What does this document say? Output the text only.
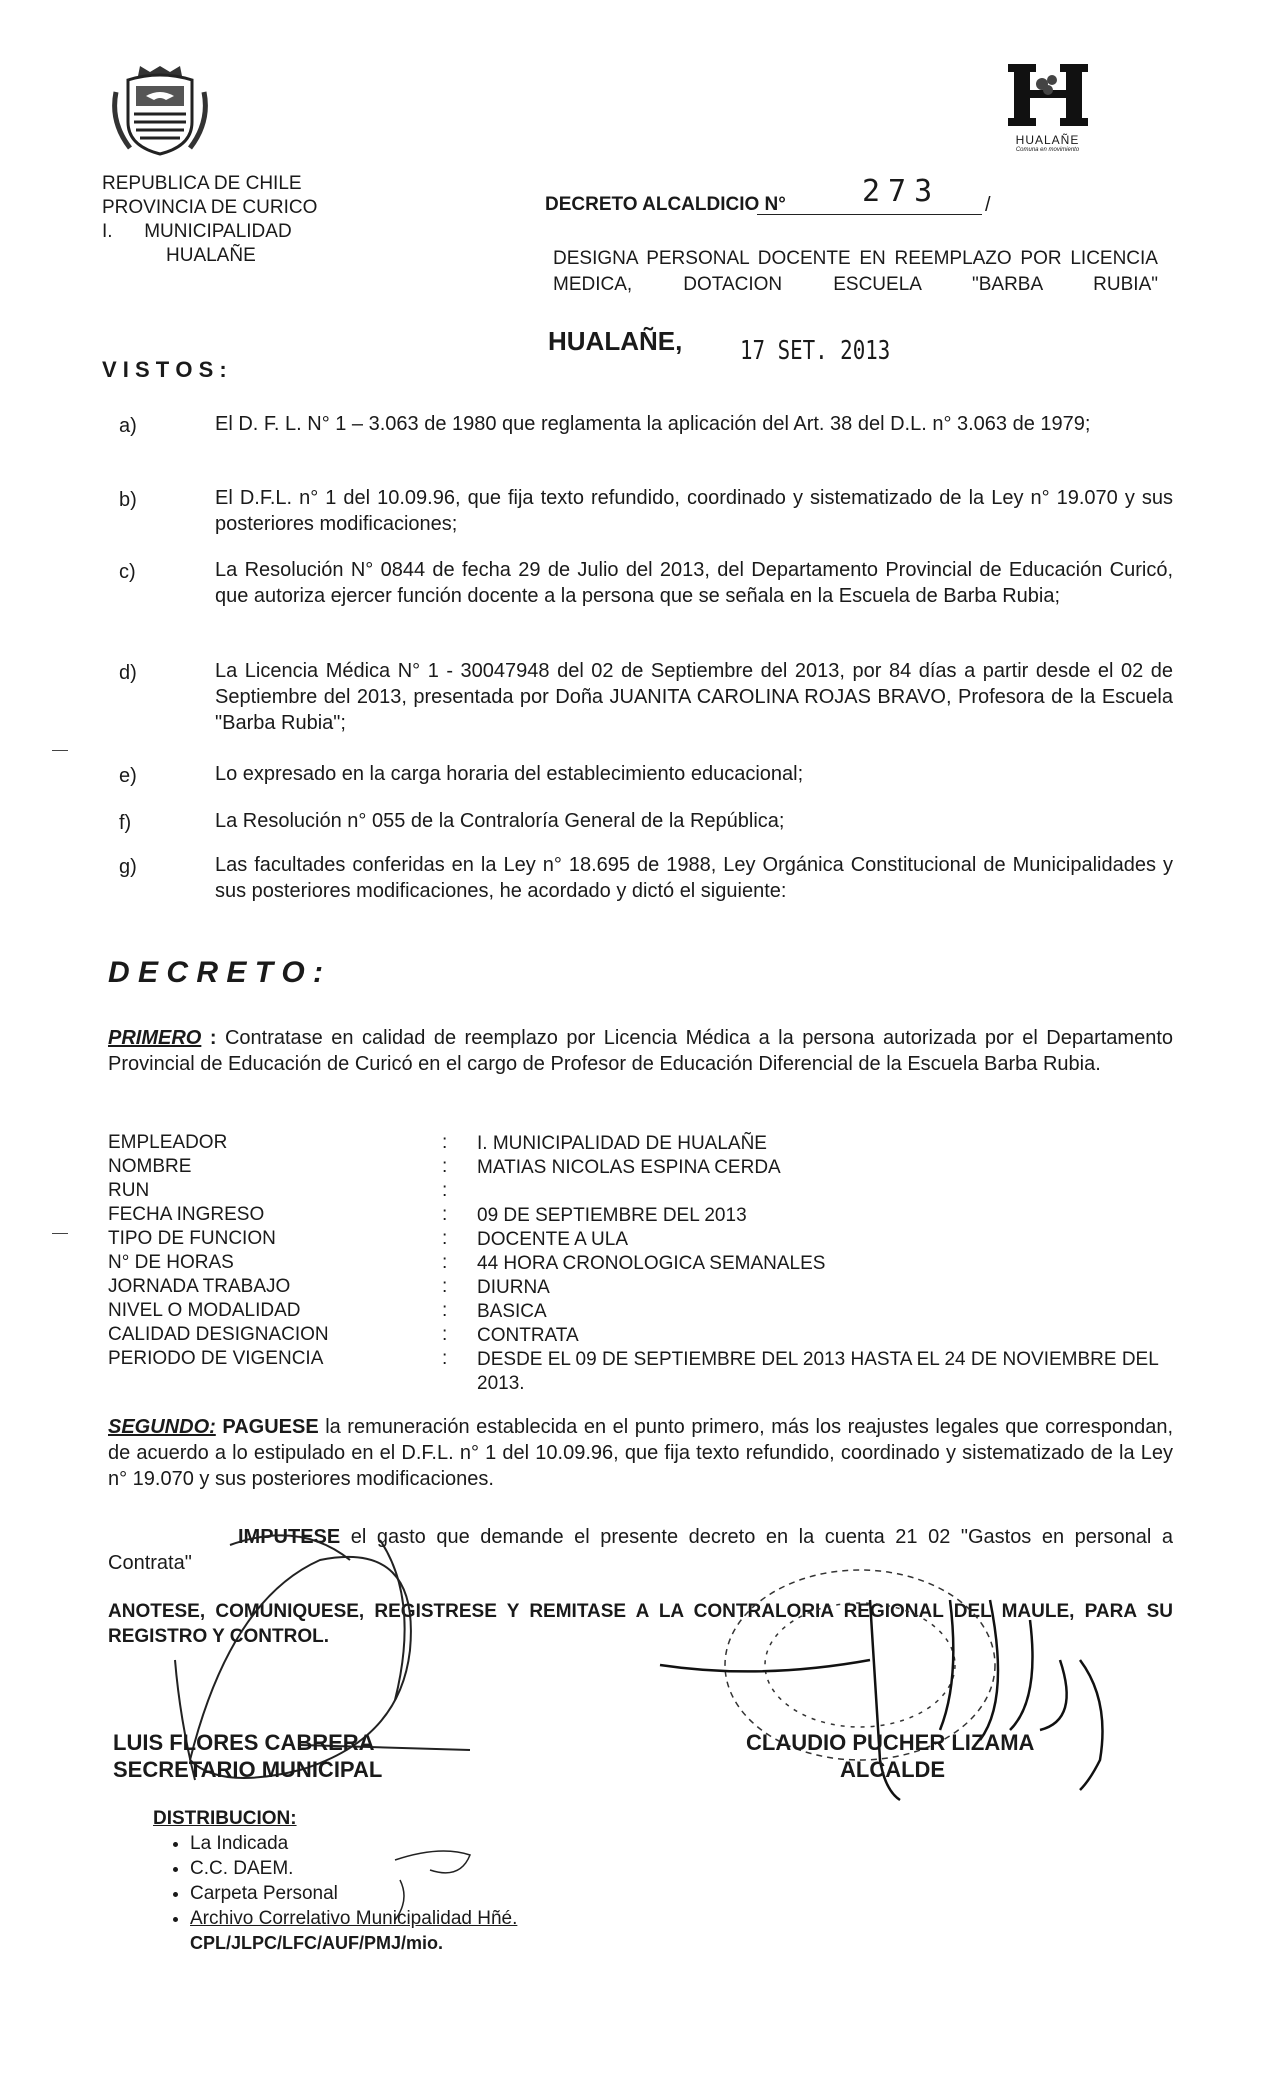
REPUBLICA DE CHILE
PROVINCIA DE CURICO
I.      MUNICIPALIDAD
HUALAÑE
HUALAÑE
Comuna en movimiento
DECRETO ALCALDICIO N°	273 /
DESIGNA PERSONAL DOCENTE EN REEMPLAZO POR LICENCIA MEDICA, DOTACION ESCUELA "BARBA RUBIA"
HUALAÑE, 17 SET. 2013
V I S T O S :
a)	El D. F. L. N° 1 – 3.063 de 1980 que reglamenta la aplicación del Art. 38 del D.L. n° 3.063 de 1979;
b)	El D.F.L. n° 1 del 10.09.96, que fija texto refundido, coordinado y sistematizado de la Ley n° 19.070 y sus posteriores modificaciones;
c)	La Resolución N° 0844 de fecha 29 de Julio del 2013, del Departamento Provincial de Educación Curicó, que autoriza ejercer función docente a la persona que se señala en la Escuela de Barba Rubia;
d)	La Licencia Médica N° 1 - 30047948 del 02 de Septiembre del 2013, por 84 días a partir desde el 02 de Septiembre del 2013, presentada por Doña JUANITA CAROLINA ROJAS BRAVO, Profesora de la Escuela "Barba Rubia";
e)	Lo expresado en la carga horaria del establecimiento educacional;
f)	La Resolución n° 055 de la Contraloría General de la República;
g)	Las facultades conferidas en la Ley n° 18.695 de 1988, Ley Orgánica Constitucional de Municipalidades y sus posteriores modificaciones, he acordado y dictó el siguiente:
D E C R E T O :
PRIMERO : Contratase en calidad de reemplazo por Licencia Médica a la persona autorizada por el Departamento Provincial de Educación de Curicó en el cargo de Profesor de Educación Diferencial de la Escuela Barba Rubia.
EMPLEADOR	:	I. MUNICIPALIDAD DE HUALAÑE
NOMBRE	:	MATIAS NICOLAS ESPINA CERDA
RUN	:
FECHA INGRESO	:	09 DE SEPTIEMBRE DEL 2013
TIPO DE FUNCION	:	DOCENTE A ULA
N° DE HORAS	:	44 HORA CRONOLOGICA SEMANALES
JORNADA TRABAJO	:	DIURNA
NIVEL O MODALIDAD	:	BASICA
CALIDAD DESIGNACION	:	CONTRATA
PERIODO DE VIGENCIA	:	DESDE EL 09 DE SEPTIEMBRE DEL 2013 HASTA EL 24 DE NOVIEMBRE DEL 2013.
SEGUNDO: PAGUESE la remuneración establecida en el punto primero, más los reajustes legales que correspondan, de acuerdo a lo estipulado en el D.F.L. n° 1 del 10.09.96, que fija texto refundido, coordinado y sistematizado de la Ley n° 19.070 y sus posteriores modificaciones.
IMPUTESE el gasto que demande el presente decreto en la cuenta 21 02 "Gastos en personal a Contrata"
ANOTESE, COMUNIQUESE, REGISTRESE Y REMITASE A LA CONTRALORIA REGIONAL DEL MAULE, PARA SU REGISTRO Y CONTROL.
LUIS FLORES CABRERA
SECRETARIO MUNICIPAL
CLAUDIO PUCHER LIZAMA
ALCALDE
DISTRIBUCION:
• La Indicada
• C.C. DAEM.
• Carpeta Personal
• Archivo Correlativo Municipalidad Hñé.
CPL/JLPC/LFC/AUF/PMJ/mio.
